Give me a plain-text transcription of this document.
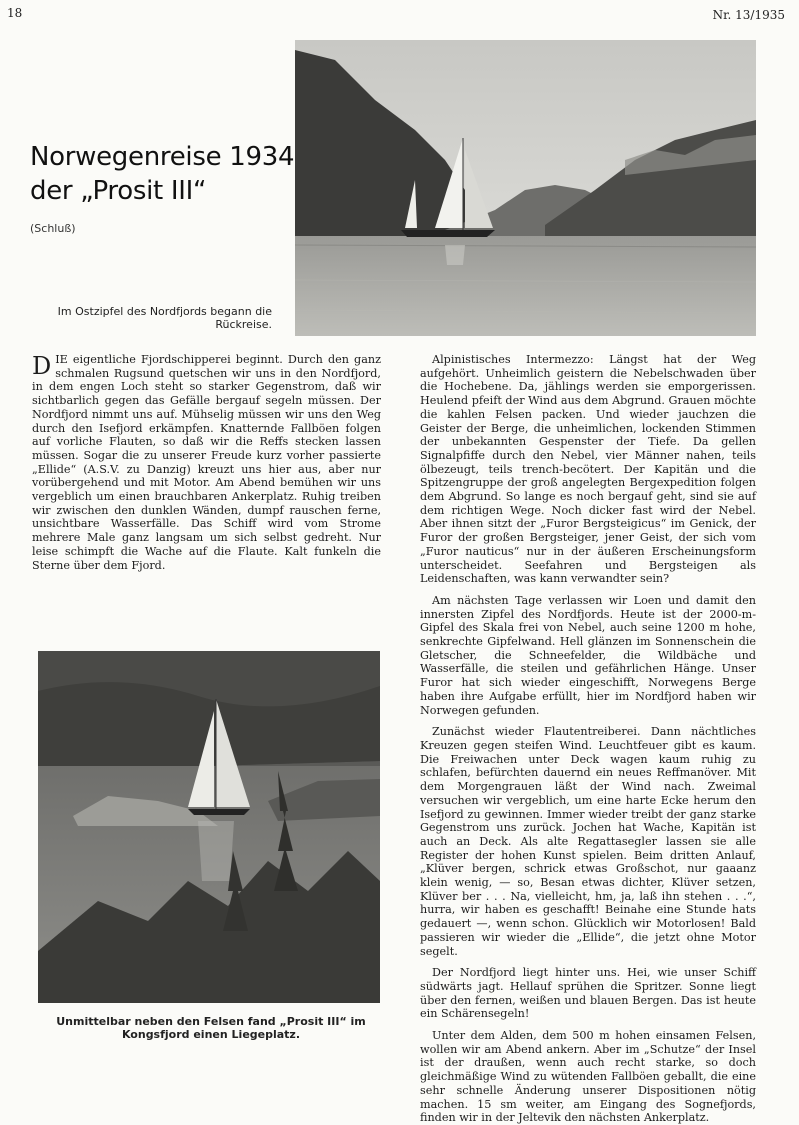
18	Nr. 13/1935
Norwegenreise 1934
der „Prosit III“
(Schluß)
Im Ostzipfel des Nordfjords begann die Rückreise.

DIE eigentliche Fjordschipperei beginnt. Durch den ganz schmalen Rugsund quetschen wir uns in den Nordfjord, in dem engen Loch steht so starker Gegenstrom, daß wir sichtbarlich gegen das Gefälle bergauf segeln müssen. Der Nordfjord nimmt uns auf. Mühselig müssen wir uns den Weg durch den Isefjord erkämpfen. Knatternde Fallböen folgen auf vorliche Flauten, so daß wir die Reffs stecken lassen müssen. Sogar die zu unserer Freude kurz vorher passierte „Ellide“ (A.S.V. zu Danzig) kreuzt uns hier aus, aber nur vorübergehend und mit Motor. Am Abend bemühen wir uns vergeblich um einen brauchbaren Ankerplatz. Ruhig treiben wir zwischen den dunklen Wänden, dumpf rauschen ferne, unsichtbare Wasserfälle. Das Schiff wird vom Strome mehrere Male ganz langsam um sich selbst gedreht. Nur leise schimpft die Wache auf die Flaute. Kalt funkeln die Sterne über dem Fjord.

Unmittelbar neben den Felsen fand „Prosit III“ im Kongsfjord einen Liegeplatz.

Alpinistisches Intermezzo: Längst hat der Weg aufgehört. Unheimlich geistern die Nebelschwaden über die Hochebene. Da, jählings werden sie emporgerissen. Heulend pfeift der Wind aus dem Abgrund. Grauen möchte die kahlen Felsen packen. Und wieder jauchzen die Geister der Berge, die unheimlichen, lockenden Stimmen der unbekannten Gespenster der Tiefe. Da gellen Signalpfiffe durch den Nebel, vier Männer nahen, teils ölbezeugt, teils trench-becötert. Der Kapitän und die Spitzengruppe der groß angelegten Bergexpedition folgen dem Abgrund. So lange es noch bergauf geht, sind sie auf dem richtigen Wege. Noch dicker fast wird der Nebel. Aber ihnen sitzt der „Furor Bergsteigicus“ im Genick, der Furor der großen Bergsteiger, jener Geist, der sich vom „Furor nauticus“ nur in der äußeren Erscheinungsform unterscheidet. Seefahren und Bergsteigen als Leidenschaften, was kann verwandter sein?

Am nächsten Tage verlassen wir Loen und damit den innersten Zipfel des Nordfjords. Heute ist der 2000-m-Gipfel des Skala frei von Nebel, auch seine 1200 m hohe, senkrechte Gipfelwand. Hell glänzen im Sonnenschein die Gletscher, die Schneefelder, die Wildbäche und Wasserfälle, die steilen und gefährlichen Hänge. Unser Furor hat sich wieder eingeschifft, Norwegens Berge haben ihre Aufgabe erfüllt, hier im Nordfjord haben wir Norwegen gefunden.

Zunächst wieder Flautentreiberei. Dann nächtliches Kreuzen gegen steifen Wind. Leuchtfeuer gibt es kaum. Die Freiwachen unter Deck wagen kaum ruhig zu schlafen, befürchten dauernd ein neues Reffmanöver. Mit dem Morgengrauen läßt der Wind nach. Zweimal versuchen wir vergeblich, um eine harte Ecke herum den Isefjord zu gewinnen. Immer wieder treibt der ganz starke Gegenstrom uns zurück. Jochen hat Wache, Kapitän ist auch an Deck. Als alte Regattasegler lassen sie alle Register der hohen Kunst spielen. Beim dritten Anlauf, „Klüver bergen, schrick etwas Großschot, nur gaaanz klein wenig, — so, Besan etwas dichter, Klüver setzen, Klüver ber . . . Na, vielleicht, hm, ja, laß ihn stehen . . .“, hurra, wir haben es geschafft! Beinahe eine Stunde hats gedauert —, wenn schon. Glücklich wir Motorlosen! Bald passieren wir wieder die „Ellide“, die jetzt ohne Motor segelt.

Der Nordfjord liegt hinter uns. Hei, wie unser Schiff südwärts jagt. Hellauf sprühen die Spritzer. Sonne liegt über den fernen, weißen und blauen Bergen. Das ist heute ein Schärensegeln!

Unter dem Alden, dem 500 m hohen einsamen Felsen, wollen wir am Abend ankern. Aber im „Schutze“ der Insel ist der draußen, wenn auch recht starke, so doch gleichmäßige Wind zu wütenden Fallböen geballt, die eine sehr schnelle Änderung unserer Dispositionen nötig machen. 15 sm weiter, am Eingang des Sognefjords, finden wir in der Jeltevik den nächsten Ankerplatz.
